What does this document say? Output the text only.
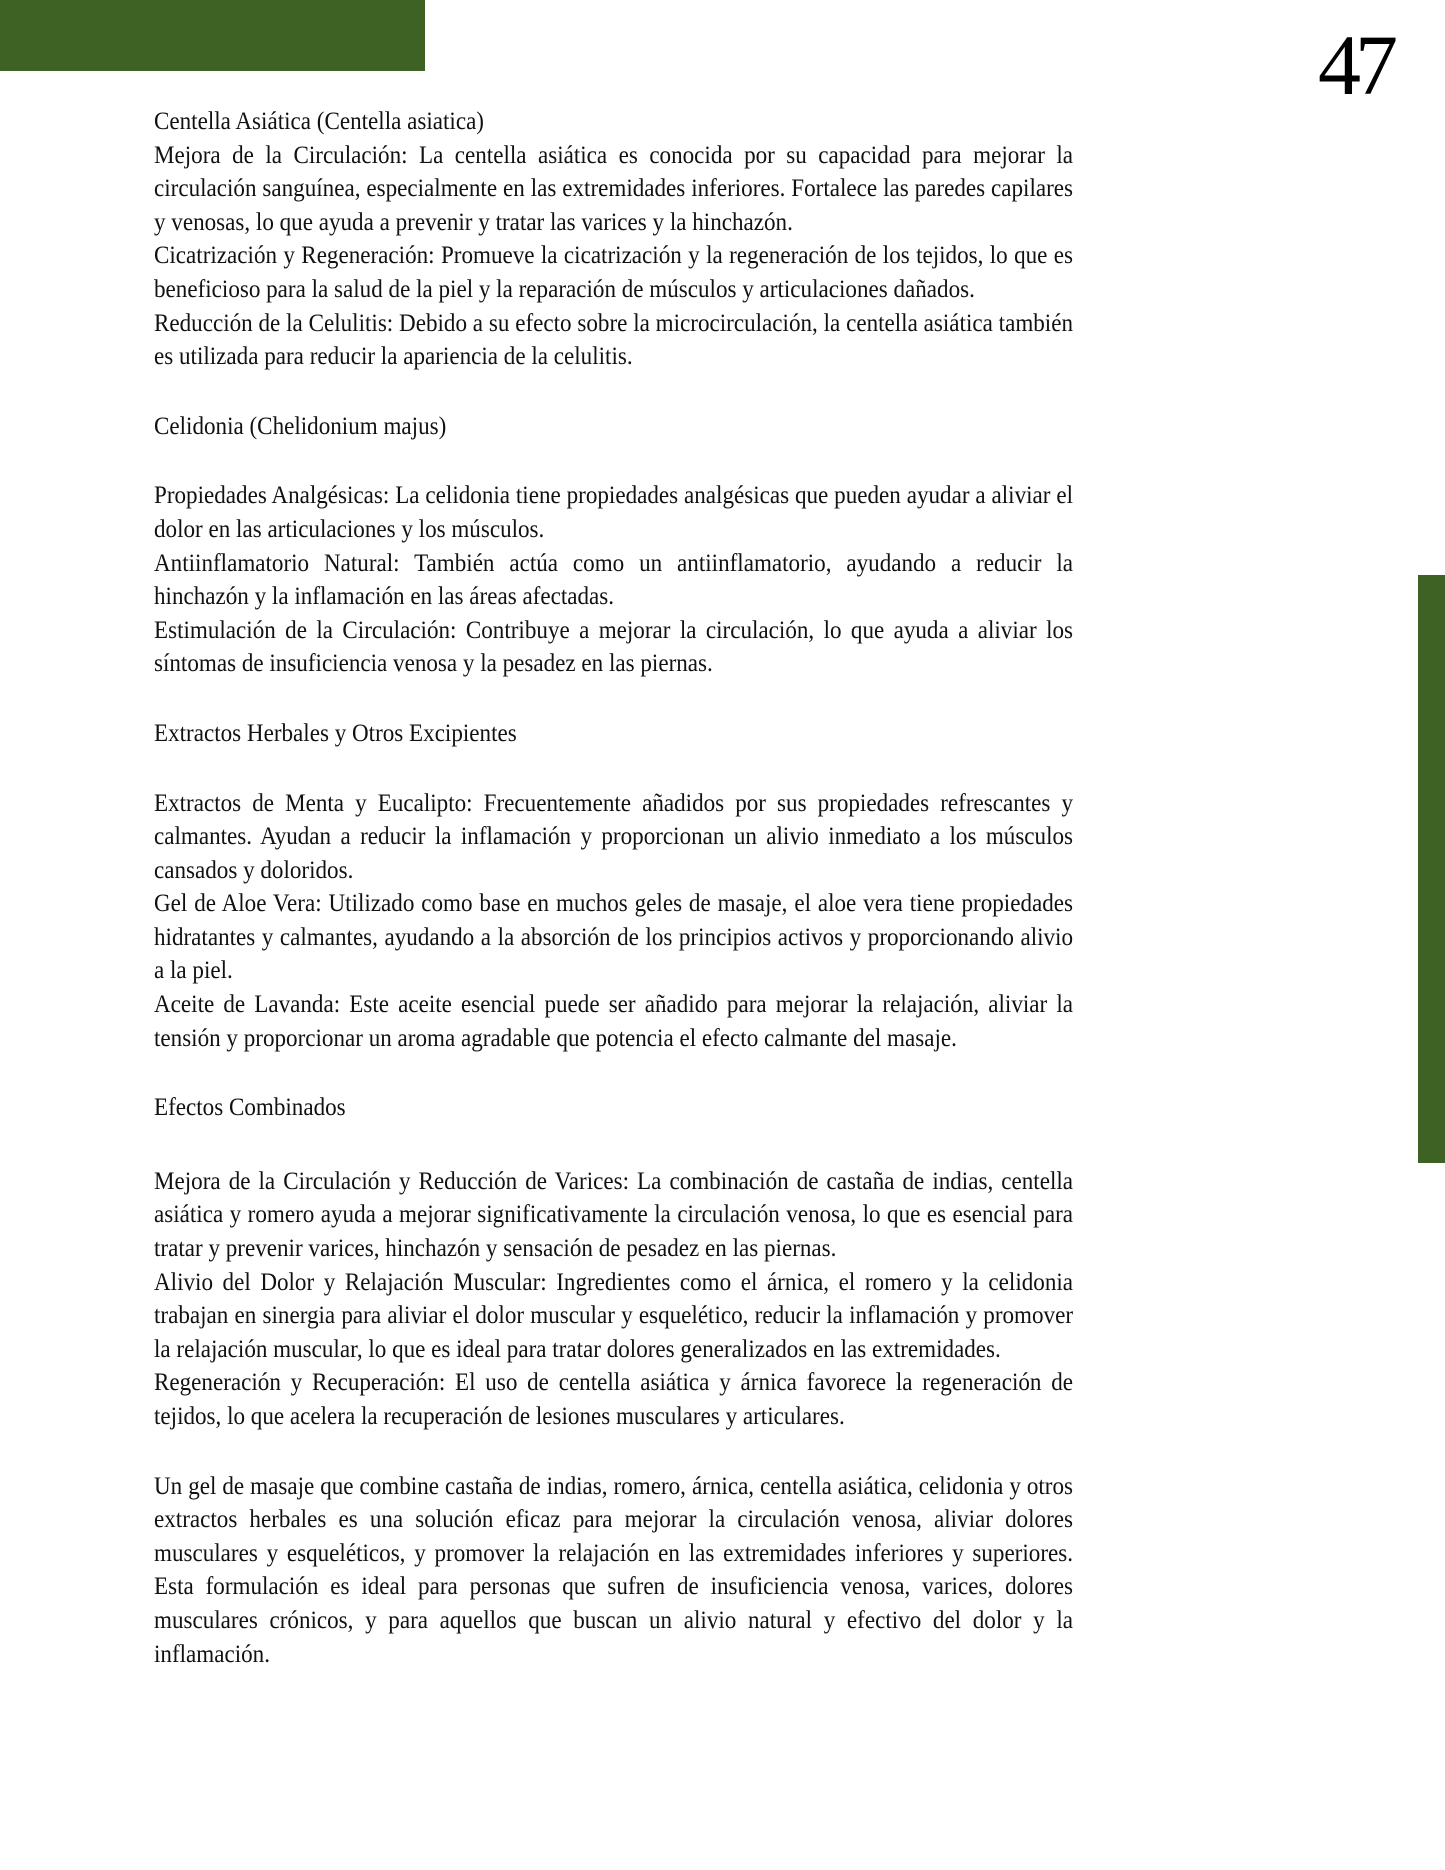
47

Centella Asiática (Centella asiatica)

Mejora de la Circulación: La centella asiática es conocida por su capacidad para mejorar la circulación sanguínea, especialmente en las extremidades inferiores. Fortalece las paredes capilares y venosas, lo que ayuda a prevenir y tratar las varices y la hinchazón.

Cicatrización y Regeneración: Promueve la cicatrización y la regeneración de los tejidos, lo que es beneficioso para la salud de la piel y la reparación de músculos y articulaciones dañados.

Reducción de la Celulitis: Debido a su efecto sobre la microcirculación, la centella asiática también es utilizada para reducir la apariencia de la celulitis.

Celidonia (Chelidonium majus)

Propiedades Analgésicas: La celidonia tiene propiedades analgésicas que pueden ayudar a aliviar el dolor en las articulaciones y los músculos.

Antiinflamatorio Natural: También actúa como un antiinflamatorio, ayudando a reducir la hinchazón y la inflamación en las áreas afectadas.

Estimulación de la Circulación: Contribuye a mejorar la circulación, lo que ayuda a aliviar los síntomas de insuficiencia venosa y la pesadez en las piernas.

Extractos Herbales y Otros Excipientes

Extractos de Menta y Eucalipto: Frecuentemente añadidos por sus propiedades refrescantes y calmantes. Ayudan a reducir la inflamación y proporcionan un alivio inmediato a los músculos cansados y doloridos.

Gel de Aloe Vera: Utilizado como base en muchos geles de masaje, el aloe vera tiene propiedades hidratantes y calmantes, ayudando a la absorción de los principios activos y proporcionando alivio a la piel.

Aceite de Lavanda: Este aceite esencial puede ser añadido para mejorar la relajación, aliviar la tensión y proporcionar un aroma agradable que potencia el efecto calmante del masaje.

Efectos Combinados

Mejora de la Circulación y Reducción de Varices: La combinación de castaña de indias, centella asiática y romero ayuda a mejorar significativamente la circulación venosa, lo que es esencial para tratar y prevenir varices, hinchazón y sensación de pesadez en las piernas.

Alivio del Dolor y Relajación Muscular: Ingredientes como el árnica, el romero y la celidonia trabajan en sinergia para aliviar el dolor muscular y esquelético, reducir la inflamación y promover la relajación muscular, lo que es ideal para tratar dolores generalizados en las extremidades.

Regeneración y Recuperación: El uso de centella asiática y árnica favorece la regeneración de tejidos, lo que acelera la recuperación de lesiones musculares y articulares.

Un gel de masaje que combine castaña de indias, romero, árnica, centella asiática, celidonia y otros extractos herbales es una solución eficaz para mejorar la circulación venosa, aliviar dolores musculares y esqueléticos, y promover la relajación en las extremidades inferiores y superiores. Esta formulación es ideal para personas que sufren de insuficiencia venosa, varices, dolores musculares crónicos, y para aquellos que buscan un alivio natural y efectivo del dolor y la inflamación.
